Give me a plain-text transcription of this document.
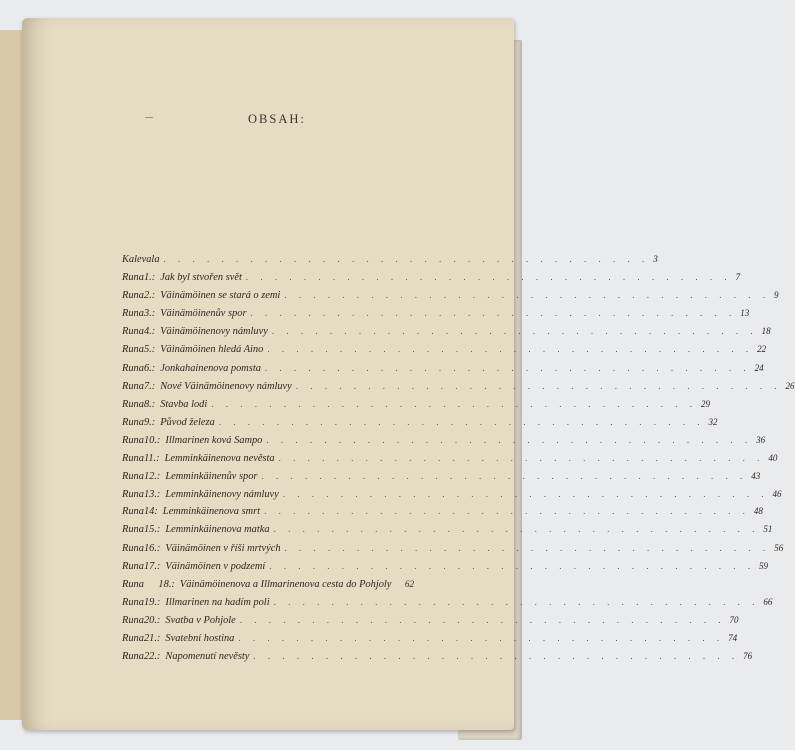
OBSAH:
Kalevala . . . . . . . . . . . . . . . . . . . . . . . . . . . . . . . . . . 3
Runa 1.: Jak byl stvořen svět . . . . . . . . . . . . . . . . . . . . . . . . . . . . . . . . . . 7
Runa 2.: Väinämöinen se stará o zemi . . . . . . . . . . . . . . . . . . . . . . . . . . . . . . . . . . 9
Runa 3.: Väinämöinenův spor . . . . . . . . . . . . . . . . . . . . . . . . . . . . . . . . . . 13
Runa 4.: Väinämöinenovy námluvy . . . . . . . . . . . . . . . . . . . . . . . . . . . . . . . . . . 18
Runa 5.: Väinämöinen hledá Aino . . . . . . . . . . . . . . . . . . . . . . . . . . . . . . . . . . 22
Runa 6.: Jonkahainenova pomsta . . . . . . . . . . . . . . . . . . . . . . . . . . . . . . . . . . 24
Runa 7.: Nové Väinämöinenovy námluvy . . . . . . . . . . . . . . . . . . . . . . . . . . . . . . . . . . 26
Runa 8.: Stavba lodi . . . . . . . . . . . . . . . . . . . . . . . . . . . . . . . . . . 29
Runa 9.: Původ železa . . . . . . . . . . . . . . . . . . . . . . . . . . . . . . . . . . 32
Runa 10.: Illmarinen ková Sampo . . . . . . . . . . . . . . . . . . . . . . . . . . . . . . . . . . 36
Runa 11.: Lemminkäinenova nevěsta . . . . . . . . . . . . . . . . . . . . . . . . . . . . . . . . . . 40
Runa 12.: Lemminkäinenův spor . . . . . . . . . . . . . . . . . . . . . . . . . . . . . . . . . . 43
Runa 13.: Lemminkäinenovy námluvy . . . . . . . . . . . . . . . . . . . . . . . . . . . . . . . . . . 46
Runa 14: Lemminkäinenova smrt . . . . . . . . . . . . . . . . . . . . . . . . . . . . . . . . . . 48
Runa 15.: Lemminkäinenova matka . . . . . . . . . . . . . . . . . . . . . . . . . . . . . . . . . . 51
Runa 16.: Väinämöinen v říši mrtvých . . . . . . . . . . . . . . . . . . . . . . . . . . . . . . . . . . 56
Runa 17.: Väinämöinen v podzemí . . . . . . . . . . . . . . . . . . . . . . . . . . . . . . . . . . 59
Runa	18.: Väinämöinenova a Illmarinenova cesta do Pohjoly	62
Runa 19.: Illmarinen na hadím poli . . . . . . . . . . . . . . . . . . . . . . . . . . . . . . . . . . 66
Runa 20.: Svatba v Pohjole . . . . . . . . . . . . . . . . . . . . . . . . . . . . . . . . . . 70
Runa 21.: Svatební hostina . . . . . . . . . . . . . . . . . . . . . . . . . . . . . . . . . . 74
Runa 22.: Napomenutí nevěsty . . . . . . . . . . . . . . . . . . . . . . . . . . . . . . . . . . 76
